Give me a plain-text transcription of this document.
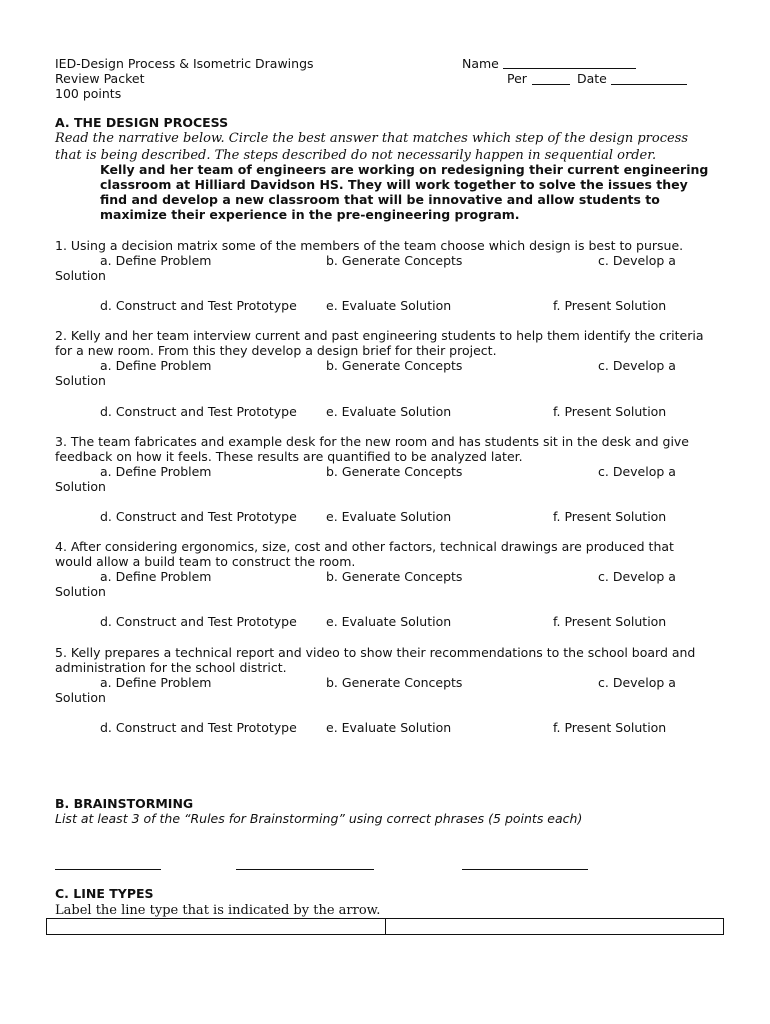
IED-Design Process & Isometric Drawings
Review Packet
100 points
Name
Per	Date
A. THE DESIGN PROCESS
Read the narrative below. Circle the best answer that matches which step of the design process
that is being described. The steps described do not necessarily happen in sequential order.
Kelly and her team of engineers are working on redesigning their current engineering
classroom at Hilliard Davidson HS. They will work together to solve the issues they
find and develop a new classroom that will be innovative and allow students to
maximize their experience in the pre-engineering program.
1. Using a decision matrix some of the members of the team choose which design is best to pursue.
a. Define Problem	b. Generate Concepts	c. Develop a
Solution
d. Construct and Test Prototype e. Evaluate Solution	f. Present Solution
2. Kelly and her team interview current and past engineering students to help them identify the criteria
for a new room. From this they develop a design brief for their project.
a. Define Problem	b. Generate Concepts	c. Develop a
Solution
d. Construct and Test Prototype e. Evaluate Solution	f. Present Solution
3. The team fabricates and example desk for the new room and has students sit in the desk and give
feedback on how it feels. These results are quantified to be analyzed later.
a. Define Problem	b. Generate Concepts	c. Develop a
Solution
d. Construct and Test Prototype e. Evaluate Solution	f. Present Solution
4. After considering ergonomics, size, cost and other factors, technical drawings are produced that
would allow a build team to construct the room.
a. Define Problem	b. Generate Concepts	c. Develop a
Solution
d. Construct and Test Prototype e. Evaluate Solution	f. Present Solution
5. Kelly prepares a technical report and video to show their recommendations to the school board and
administration for the school district.
a. Define Problem	b. Generate Concepts	c. Develop a
Solution
d. Construct and Test Prototype e. Evaluate Solution	f. Present Solution
B. BRAINSTORMING
List at least 3 of the “Rules for Brainstorming” using correct phrases (5 points each)
C. LINE TYPES
Label the line type that is indicated by the arrow.
